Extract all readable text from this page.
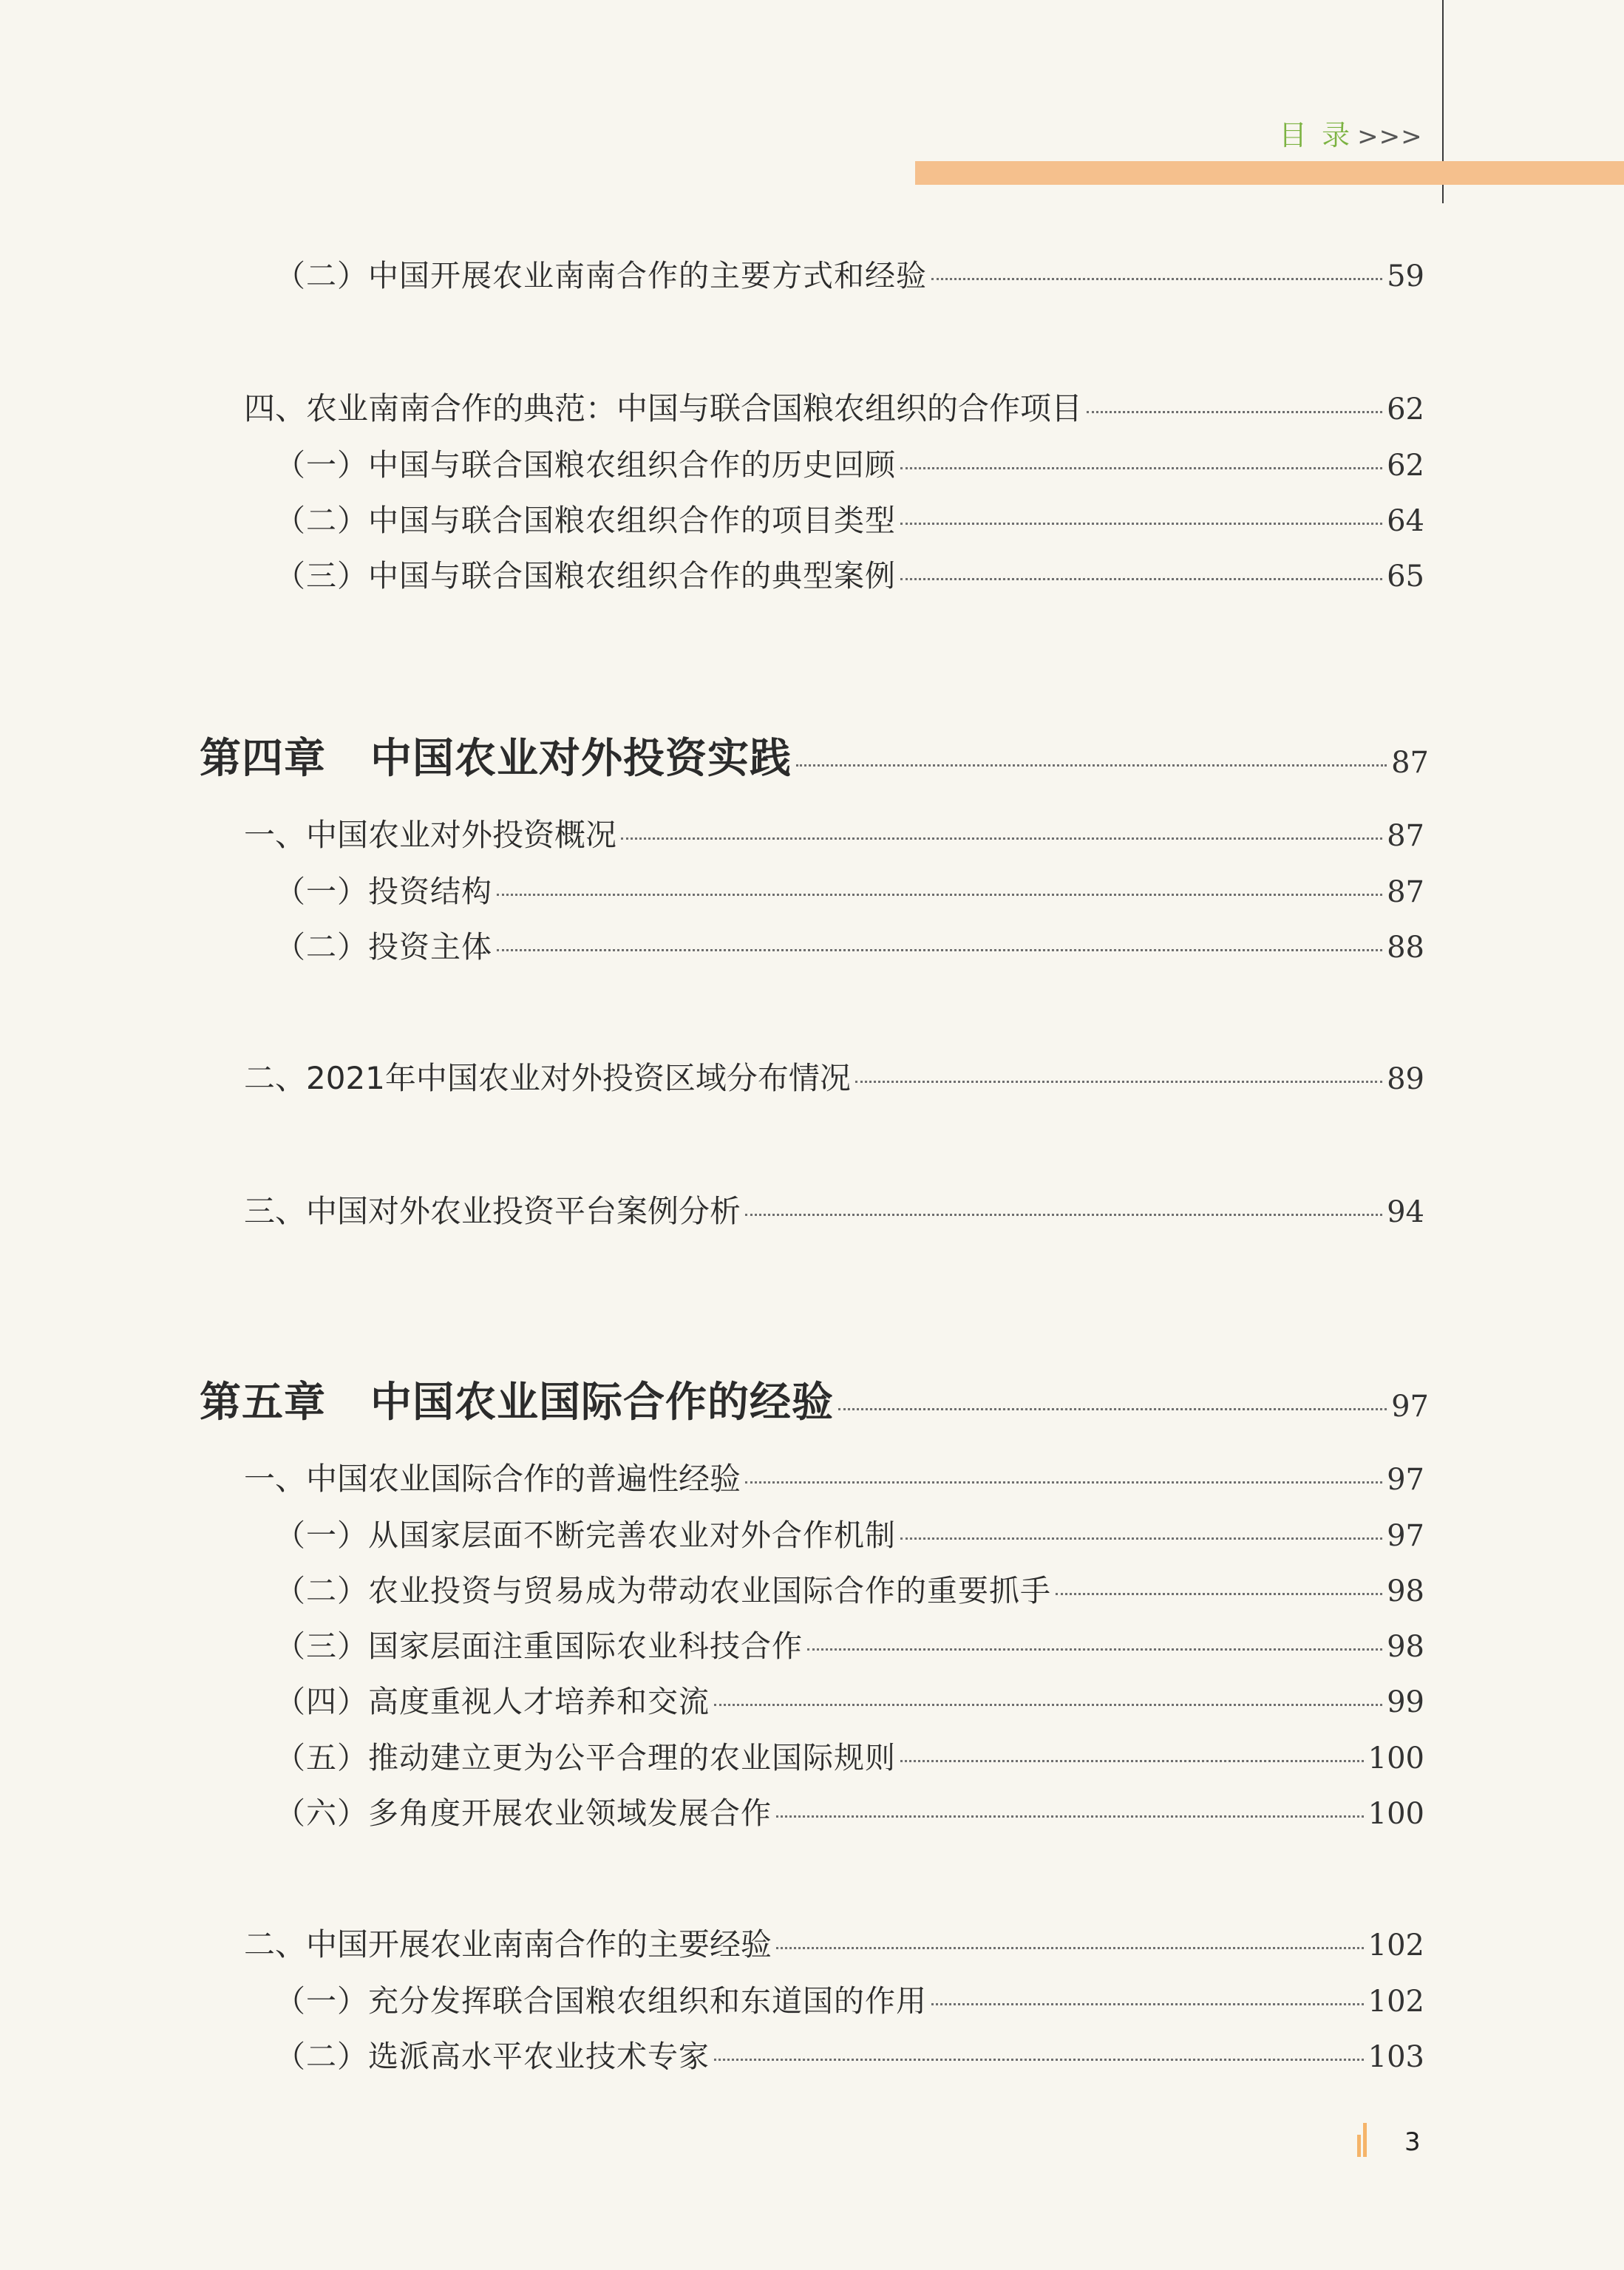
目 录 >>>
（二）中国开展农业南南合作的主要方式和经验	59
四、农业南南合作的典范：中国与联合国粮农组织的合作项目	62
（一）中国与联合国粮农组织合作的历史回顾	62
（二）中国与联合国粮农组织合作的项目类型	64
（三）中国与联合国粮农组织合作的典型案例	65
第四章 中国农业对外投资实践	87
一、中国农业对外投资概况	87
（一）投资结构	87
（二）投资主体	88
二、2021年中国农业对外投资区域分布情况	89
三、中国对外农业投资平台案例分析	94
第五章 中国农业国际合作的经验	97
一、中国农业国际合作的普遍性经验	97
（一）从国家层面不断完善农业对外合作机制	97
（二）农业投资与贸易成为带动农业国际合作的重要抓手	98
（三）国家层面注重国际农业科技合作	98
（四）高度重视人才培养和交流	99
（五）推动建立更为公平合理的农业国际规则	100
（六）多角度开展农业领域发展合作	100
二、中国开展农业南南合作的主要经验	102
（一）充分发挥联合国粮农组织和东道国的作用	102
（二）选派高水平农业技术专家	103
3
